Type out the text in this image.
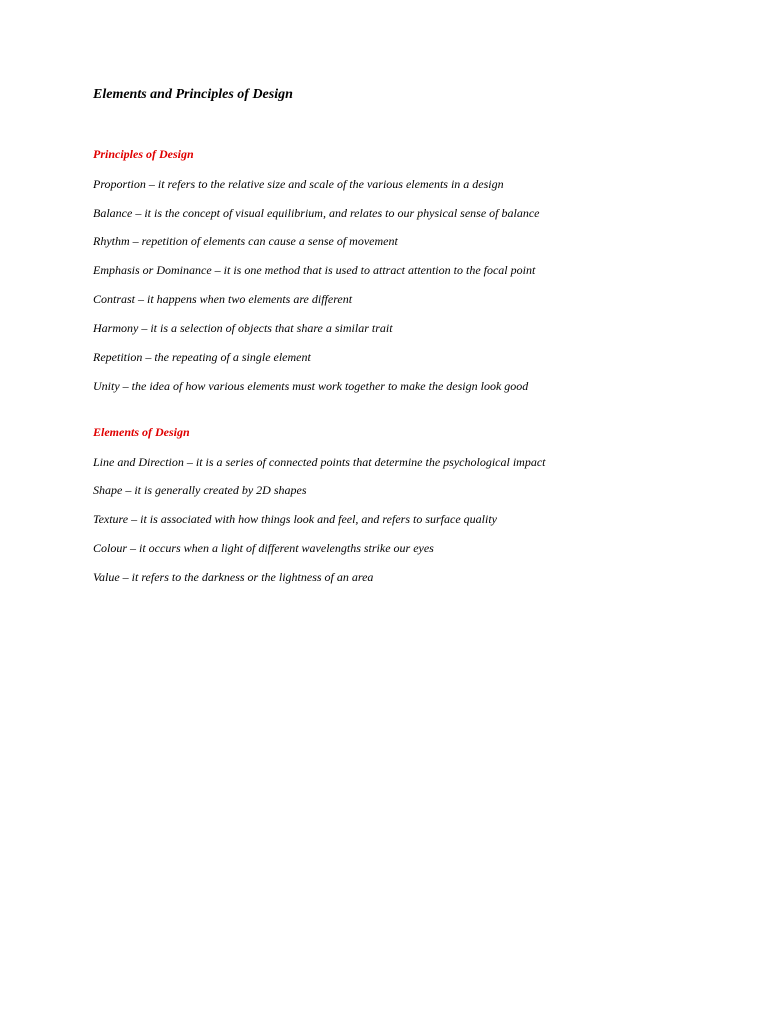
Elements and Principles of Design
Principles of Design

Proportion – it refers to the relative size and scale of the various elements in a design

Balance – it is the concept of visual equilibrium, and relates to our physical sense of balance

Rhythm – repetition of elements can cause a sense of movement

Emphasis or Dominance – it is one method that is used to attract attention to the focal point

Contrast – it happens when two elements are different

Harmony – it is a selection of objects that share a similar trait

Repetition – the repeating of a single element

Unity – the idea of how various elements must work together to make the design look good

Elements of Design

Line and Direction – it is a series of connected points that determine the psychological impact

Shape – it is generally created by 2D shapes

Texture – it is associated with how things look and feel, and refers to surface quality

Colour – it occurs when a light of different wavelengths strike our eyes

Value – it refers to the darkness or the lightness of an area
